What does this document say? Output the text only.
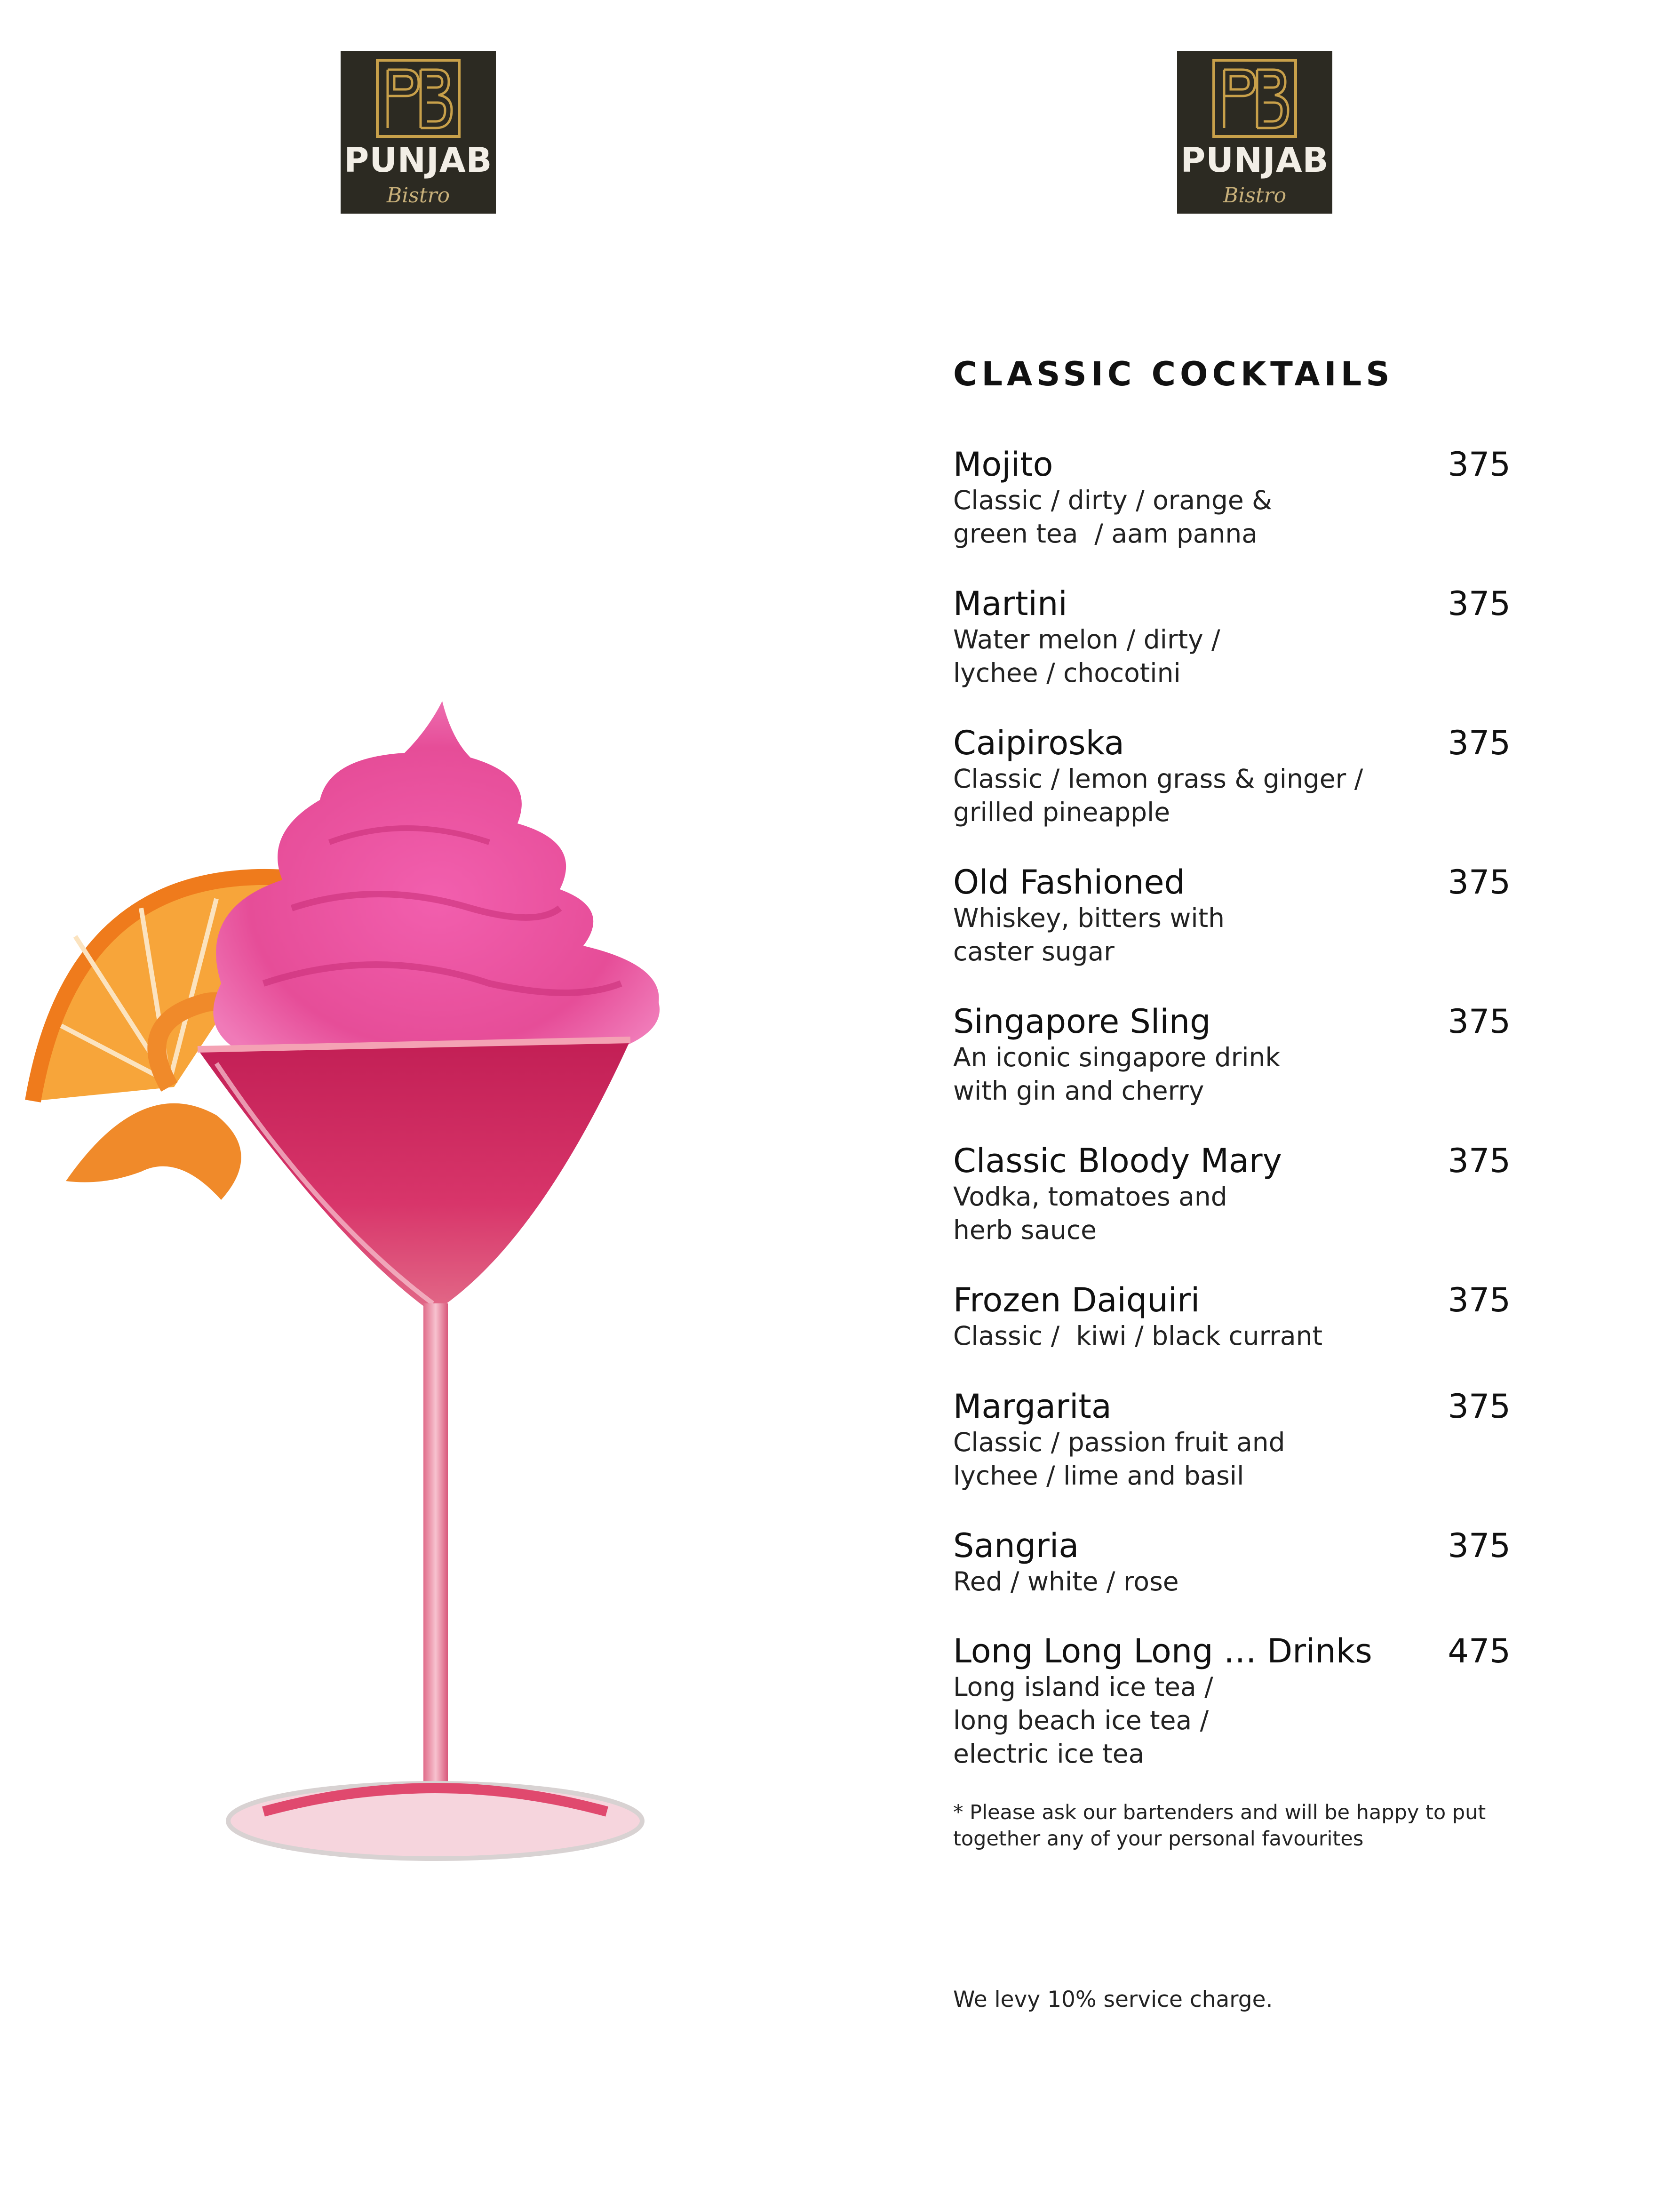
PUNJAB
Bistro
PUNJAB
Bistro
CLASSIC COCKTAILS
Mojito	375
Classic / dirty / orange &
green tea  / aam panna
Martini	375
Water melon / dirty /
lychee / chocotini
Caipiroska	375
Classic / lemon grass & ginger /
grilled pineapple
Old Fashioned	375
Whiskey, bitters with
caster sugar
Singapore Sling	375
An iconic singapore drink
with gin and cherry
Classic Bloody Mary	375
Vodka, tomatoes and
herb sauce
Frozen Daiquiri	375
Classic /  kiwi / black currant
Margarita	375
Classic / passion fruit and
lychee / lime and basil
Sangria	375
Red / white / rose
Long Long Long … Drinks	475
Long island ice tea /
long beach ice tea /
electric ice tea

* Please ask our bartenders and will be happy to put together any of your personal favourites

We levy 10% service charge.
